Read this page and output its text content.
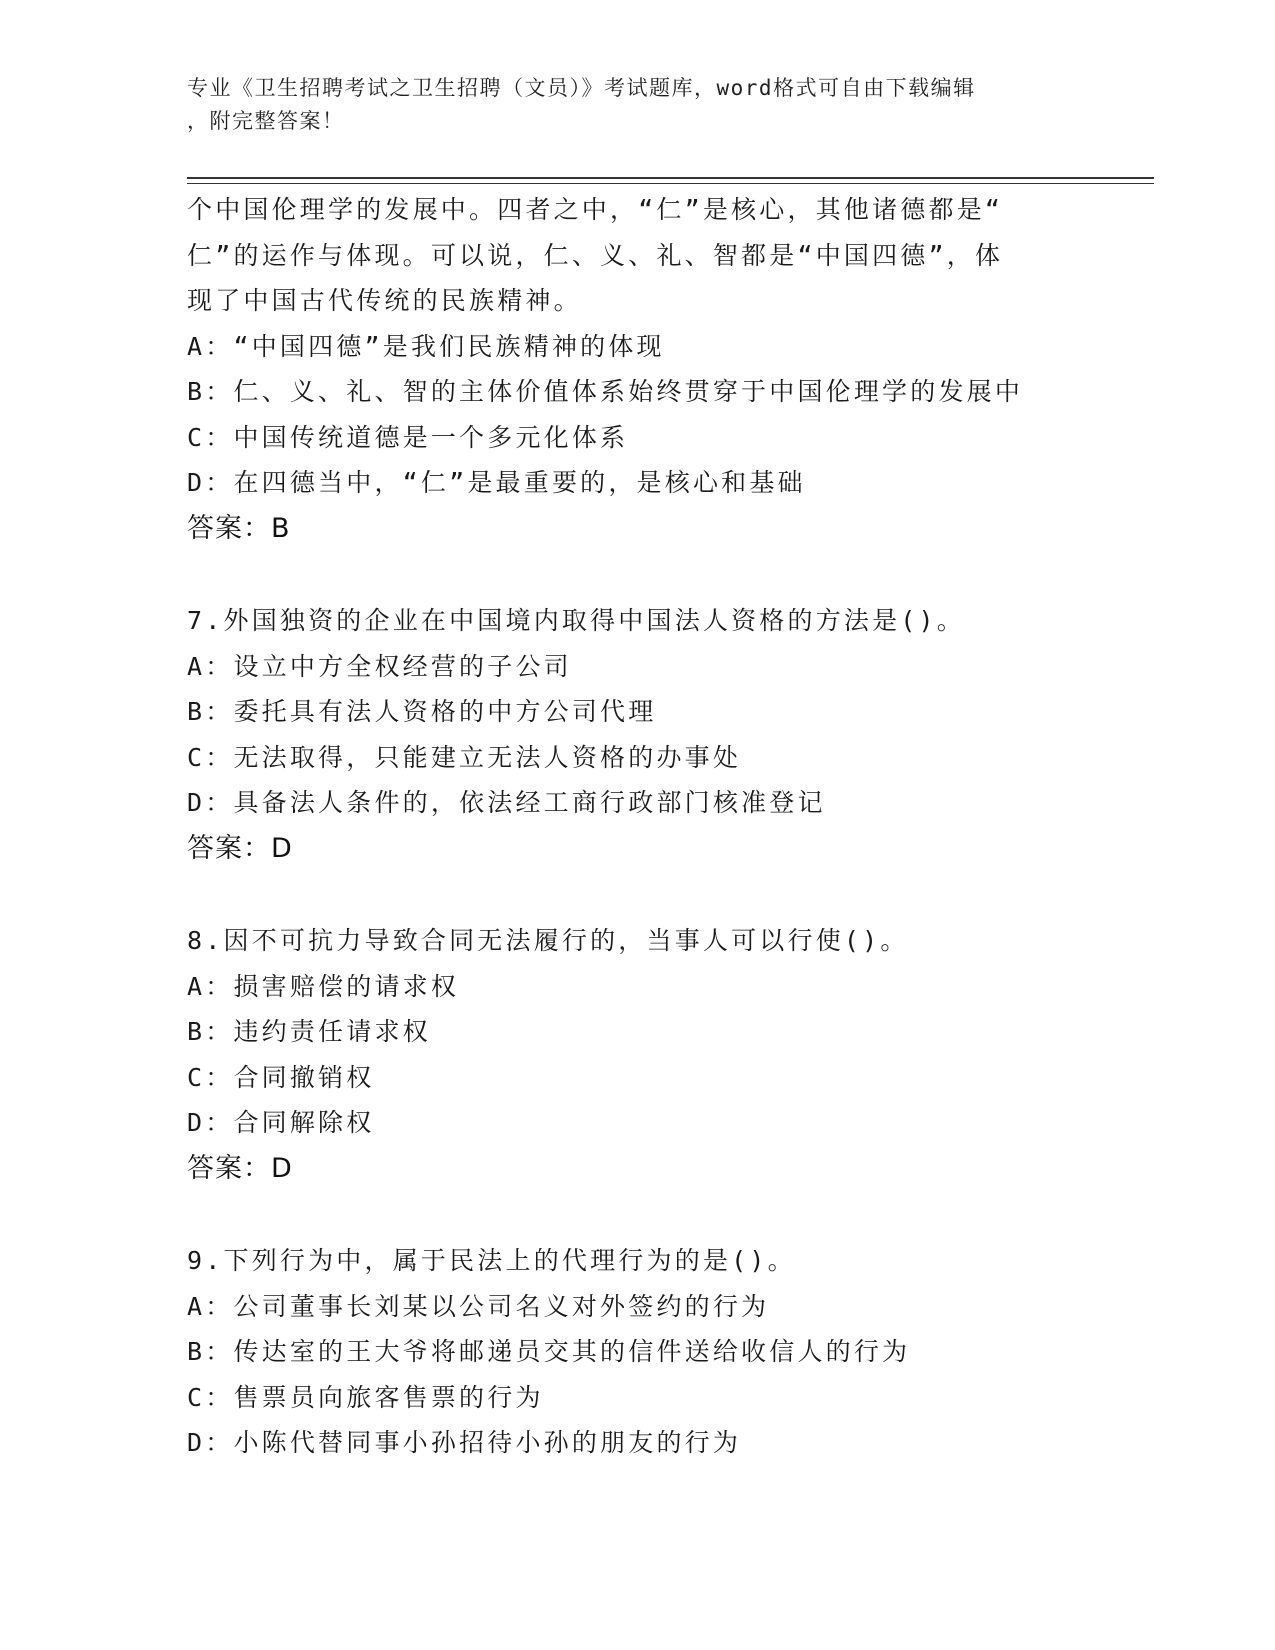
专业《卫生招聘考试之卫生招聘（文员）》考试题库，word格式可自由下载编辑
，附完整答案！
个中国伦理学的发展中。四者之中，“仁”是核心，其他诸德都是“
仁”的运作与体现。可以说，仁、义、礼、智都是“中国四德”，体
现了中国古代传统的民族精神。
A：“中国四德”是我们民族精神的体现
B：仁、义、礼、智的主体价值体系始终贯穿于中国伦理学的发展中
C：中国传统道德是一个多元化体系
D：在四德当中，“仁”是最重要的，是核心和基础
答案：B
7.外国独资的企业在中国境内取得中国法人资格的方法是()。
A：设立中方全权经营的子公司
B：委托具有法人资格的中方公司代理
C：无法取得，只能建立无法人资格的办事处
D：具备法人条件的，依法经工商行政部门核准登记
答案：D
8.因不可抗力导致合同无法履行的，当事人可以行使()。
A：损害赔偿的请求权
B：违约责任请求权
C：合同撤销权
D：合同解除权
答案：D
9.下列行为中，属于民法上的代理行为的是()。
A：公司董事长刘某以公司名义对外签约的行为
B：传达室的王大爷将邮递员交其的信件送给收信人的行为
C：售票员向旅客售票的行为
D：小陈代替同事小孙招待小孙的朋友的行为
